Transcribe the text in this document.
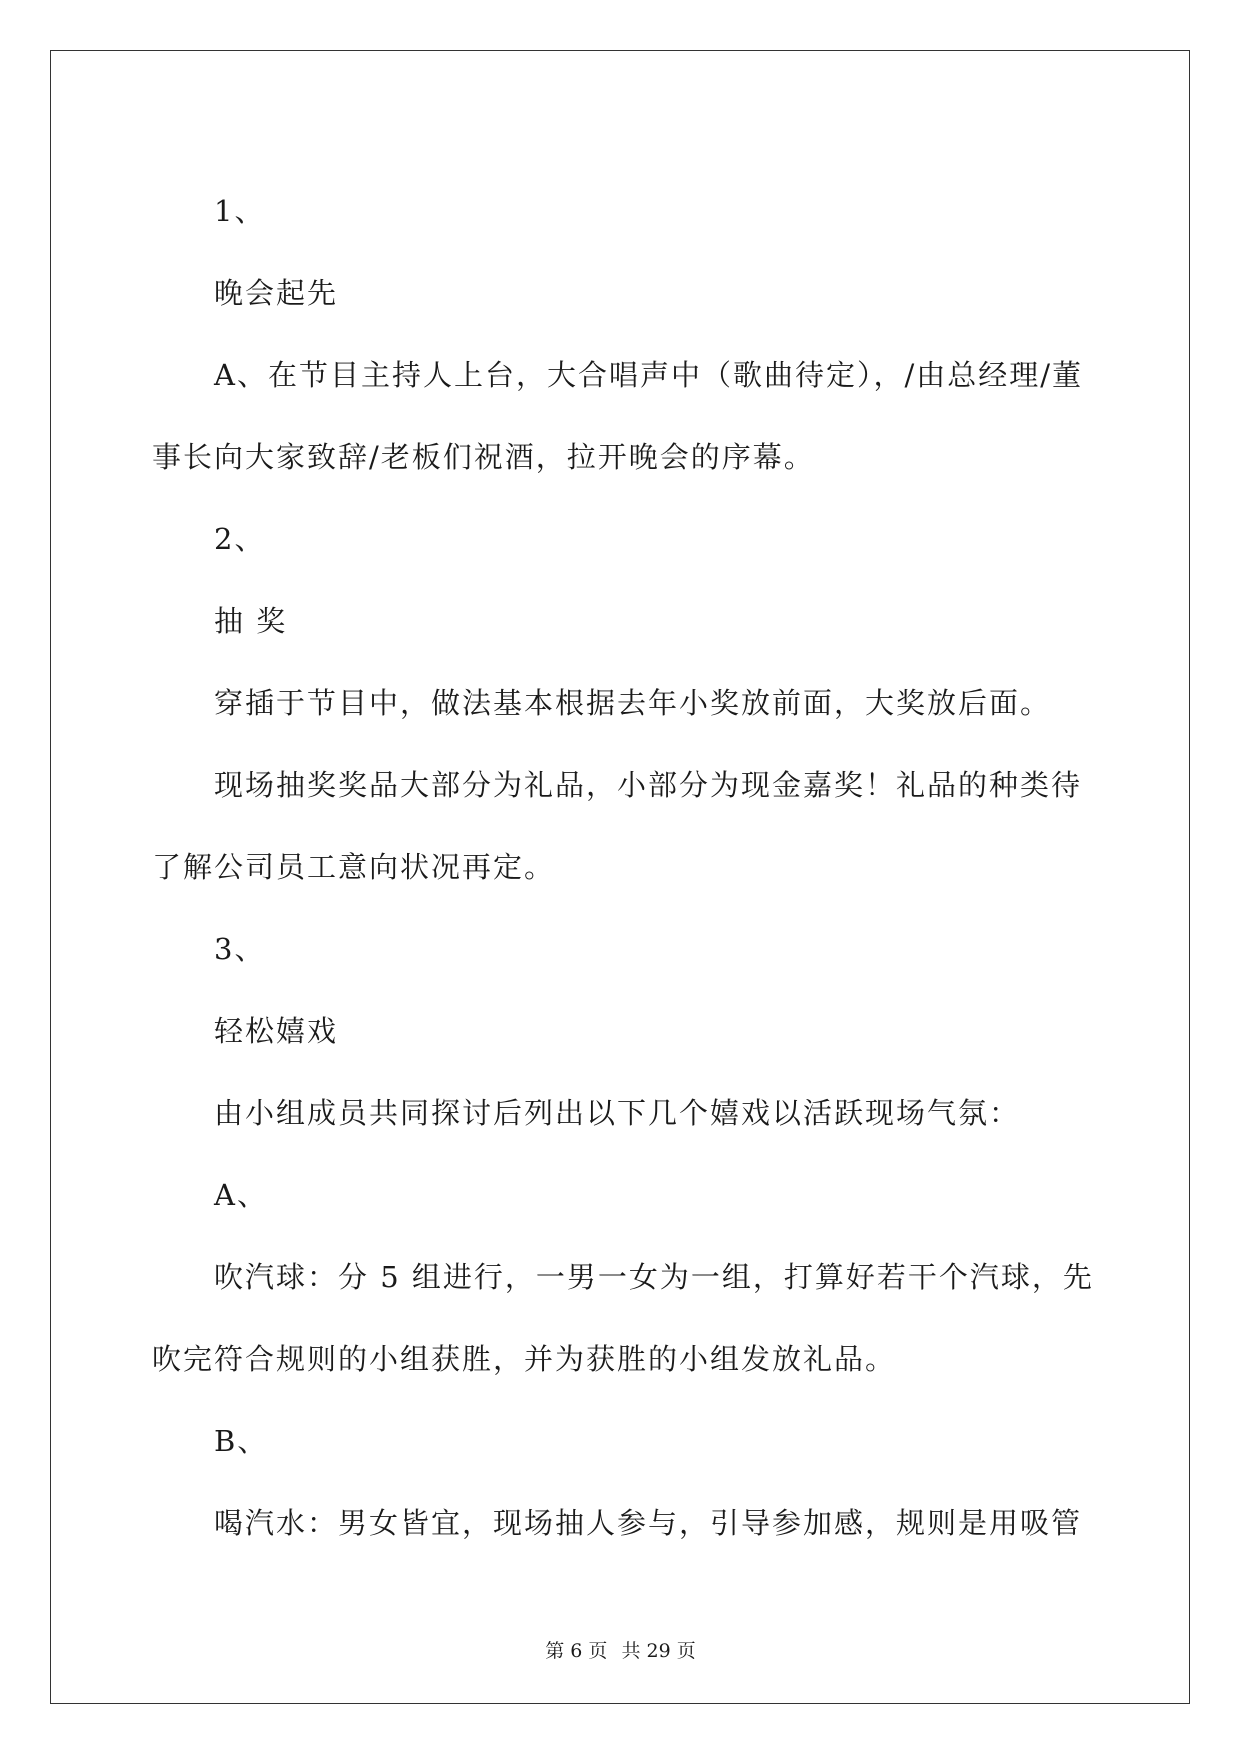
1、

晚会起先

A、在节目主持人上台，大合唱声中（歌曲待定），/由总经理/董

事长向大家致辞/老板们祝酒，拉开晚会的序幕。

2、

抽 奖

穿插于节目中，做法基本根据去年小奖放前面，大奖放后面。

现场抽奖奖品大部分为礼品，小部分为现金嘉奖！礼品的种类待

了解公司员工意向状况再定。

3、

轻松嬉戏

由小组成员共同探讨后列出以下几个嬉戏以活跃现场气氛：

A、

吹汽球：分 5 组进行，一男一女为一组，打算好若干个汽球，先

吹完符合规则的小组获胜，并为获胜的小组发放礼品。

B、

喝汽水：男女皆宜，现场抽人参与，引导参加感，规则是用吸管

第 6 页 共 29 页
